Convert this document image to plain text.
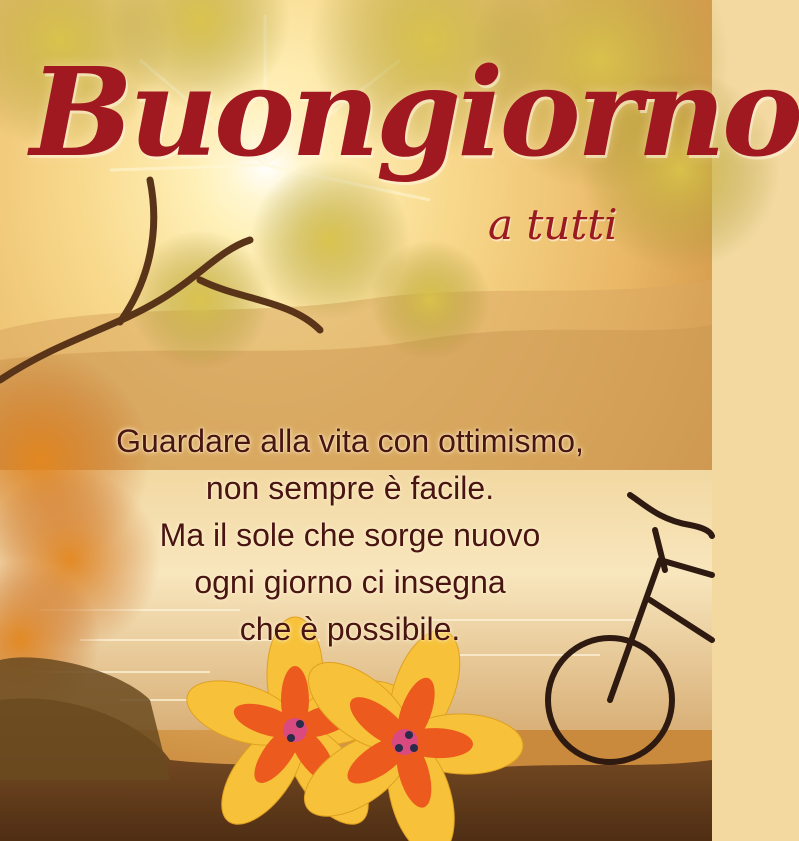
Buongiorno
a tutti
Guardare alla vita con ottimismo,
non sempre è facile.
Ma il sole che sorge nuovo
ogni giorno ci insegna
che è possibile.
